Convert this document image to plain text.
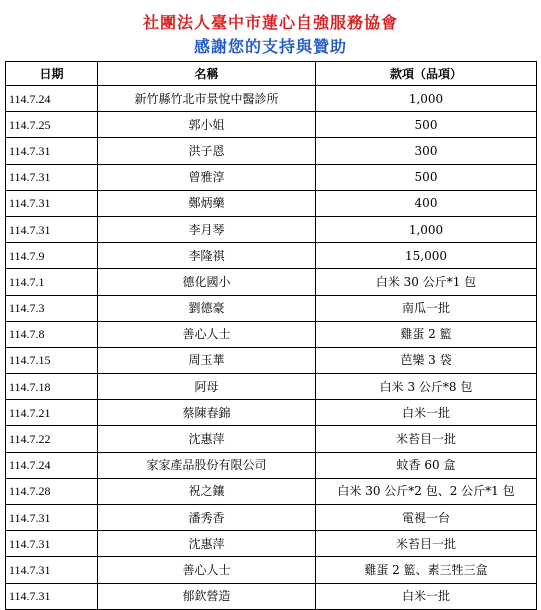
社團法人臺中市蓮心自強服務協會
感謝您的支持與贊助
日期	名稱	款項（品項）
114.7.24	新竹縣竹北市景悅中醫診所	1,000
114.7.25	郭小姐	500
114.7.31	洪子恩	300
114.7.31	曾雅淳	500
114.7.31	鄭炳藥	400
114.7.31	李月琴	1,000
114.7.9	李隆祺	15,000
114.7.1	德化國小	白米 30 公斤*1 包
114.7.3	劉德豪	南瓜一批
114.7.8	善心人士	雞蛋 2 籃
114.7.15	周玉華	芭樂 3 袋
114.7.18	阿母	白米 3 公斤*8 包
114.7.21	蔡陳春錦	白米一批
114.7.22	沈惠萍	米苔目一批
114.7.24	家家產品股份有限公司	蚊香 60 盒
114.7.28	祝之鑲	白米 30 公斤*2 包、2 公斤*1 包
114.7.31	潘秀香	電視一台
114.7.31	沈惠萍	米苔目一批
114.7.31	善心人士	雞蛋 2 籃、素三牲三盒
114.7.31	郁欽營造	白米一批
